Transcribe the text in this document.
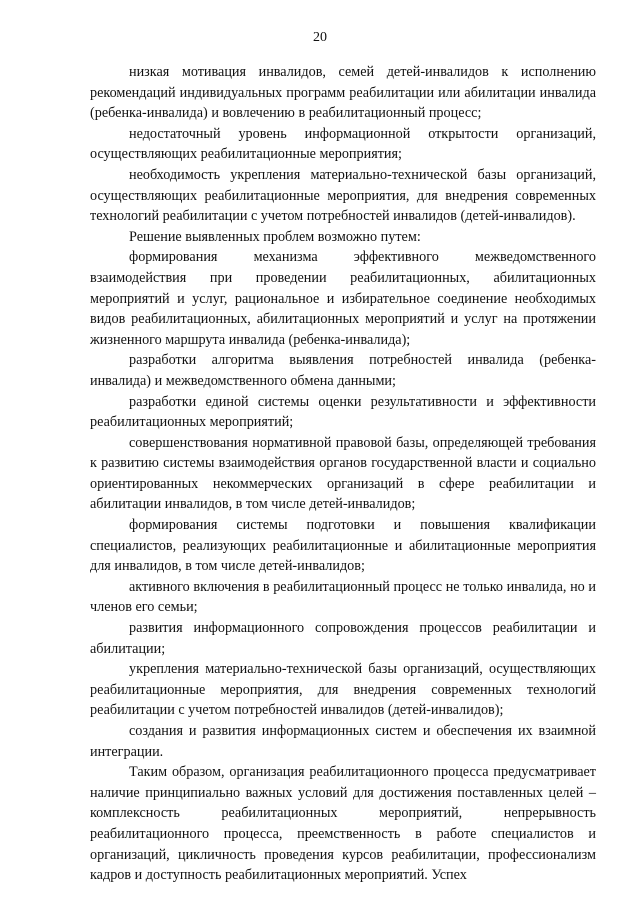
20

низкая мотивация инвалидов, семей детей-инвалидов к исполнению рекомендаций индивидуальных программ реабилитации или абилитации инвалида (ребенка-инвалида) и вовлечению в реабилитационный процесс;

недостаточный уровень информационной открытости организаций, осуществляющих реабилитационные мероприятия;

необходимость укрепления материально-технической базы организаций, осуществляющих реабилитационные мероприятия, для внедрения современных технологий реабилитации с учетом потребностей инвалидов (детей-инвалидов).

Решение выявленных проблем возможно путем:

формирования механизма эффективного межведомственного взаимодействия при проведении реабилитационных, абилитационных мероприятий и услуг, рациональное и избирательное соединение необходимых видов реабилитационных, абилитационных мероприятий и услуг на протяжении жизненного маршрута инвалида (ребенка-инвалида);

разработки алгоритма выявления потребностей инвалида (ребенка-инвалида) и межведомственного обмена данными;

разработки единой системы оценки результативности и эффективности реабилитационных мероприятий;

совершенствования нормативной правовой базы, определяющей требования к развитию системы взаимодействия органов государственной власти и социально ориентированных некоммерческих организаций в сфере реабилитации и абилитации инвалидов, в том числе детей-инвалидов;

формирования системы подготовки и повышения квалификации специалистов, реализующих реабилитационные и абилитационные мероприятия для инвалидов, в том числе детей-инвалидов;

активного включения в реабилитационный процесс не только инвалида, но и членов его семьи;

развития информационного сопровождения процессов реабилитации и абилитации;

укрепления материально-технической базы организаций, осуществляющих реабилитационные мероприятия, для внедрения современных технологий реабилитации с учетом потребностей инвалидов (детей-инвалидов);

создания и развития информационных систем и обеспечения их взаимной интеграции.

Таким образом, организация реабилитационного процесса предусматривает наличие принципиально важных условий для достижения поставленных целей – комплексность реабилитационных мероприятий, непрерывность реабилитационного процесса, преемственность в работе специалистов и организаций, цикличность проведения курсов реабилитации, профессионализм кадров и доступность реабилитационных мероприятий. Успех
